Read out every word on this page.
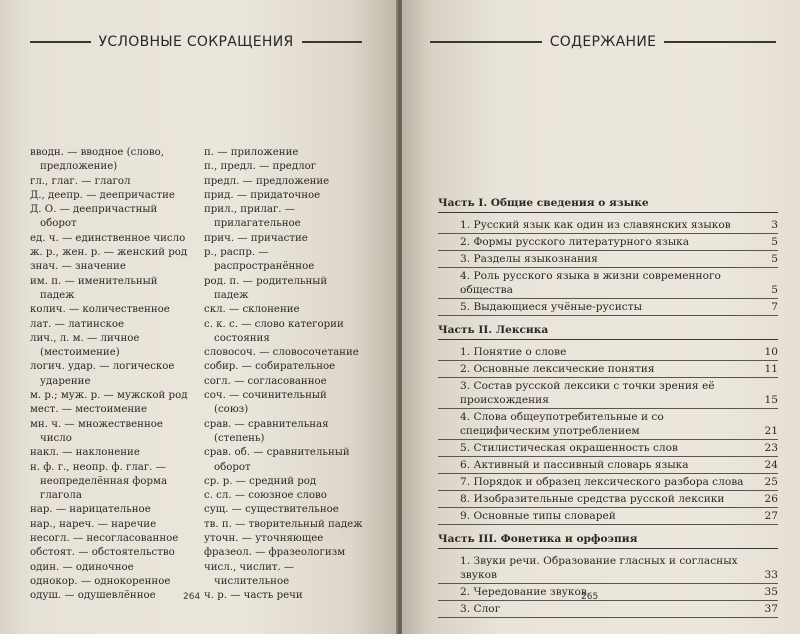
УСЛОВНЫЕ СОКРАЩЕНИЯ
вводн. — вводное (слово, предложение)
гл., глаг. — глагол
Д., деепр. — деепричастие
Д. О. — деепричастный оборот
ед. ч. — единственное число
ж. р., жен. р. — женский род
знач. — значение
им. п. — именительный падеж
колич. — количественное
лат. — латинское
лич., л. м. — личное (местоимение)
логич. удар. — логическое ударение
м. р.; муж. р. — мужской род
мест. — местоимение
мн. ч. — множественное число
накл. — наклонение
н. ф. г., неопр. ф. глаг. — неопределённая форма глагола
нар. — нарицательное
нар., нареч. — наречие
несогл. — несогласованное
обстоят. — обстоятельство
один. — одиночное
однокор. — однокоренное
одуш. — одушевлённое
п. — приложение
п., предл. — предлог
предл. — предложение
прид. — придаточное
прил., прилаг. — прилагательное
прич. — причастие
р., распр. — распространённое
род. п. — родительный падеж
скл. — склонение
с. к. с. — слово категории состояния
словосоч. — словосочетание
собир. — собирательное
согл. — согласованное
соч. — сочинительный (союз)
срав. — сравнительная (степень)
срав. об. — сравнительный оборот
ср. р. — средний род
с. сл. — союзное слово
сущ. — существительное
тв. п. — творительный падеж
уточн. — уточняющее
фразеол. — фразеологизм
числ., числит. — числительное
ч. р. — часть речи
264
СОДЕРЖАНИЕ
Часть I. Общие сведения о языке
1. Русский язык как один из славянских языков	3
2. Формы русского литературного языка	5
3. Разделы языкознания	5
4. Роль русского языка в жизни современного общества	5
5. Выдающиеся учёные-русисты	7
Часть II. Лексика
1. Понятие о слове	10
2. Основные лексические понятия	11
3. Состав русской лексики с точки зрения её происхождения	15
4. Слова общеупотребительные и со специфическим употреблением	21
5. Стилистическая окрашенность слов	23
6. Активный и пассивный словарь языка	24
7. Порядок и образец лексического разбора слова	25
8. Изобразительные средства русской лексики	26
9. Основные типы словарей	27
Часть III. Фонетика и орфоэпия
1. Звуки речи. Образование гласных и согласных звуков	33
2. Чередование звуков	35
3. Слог	37
265
